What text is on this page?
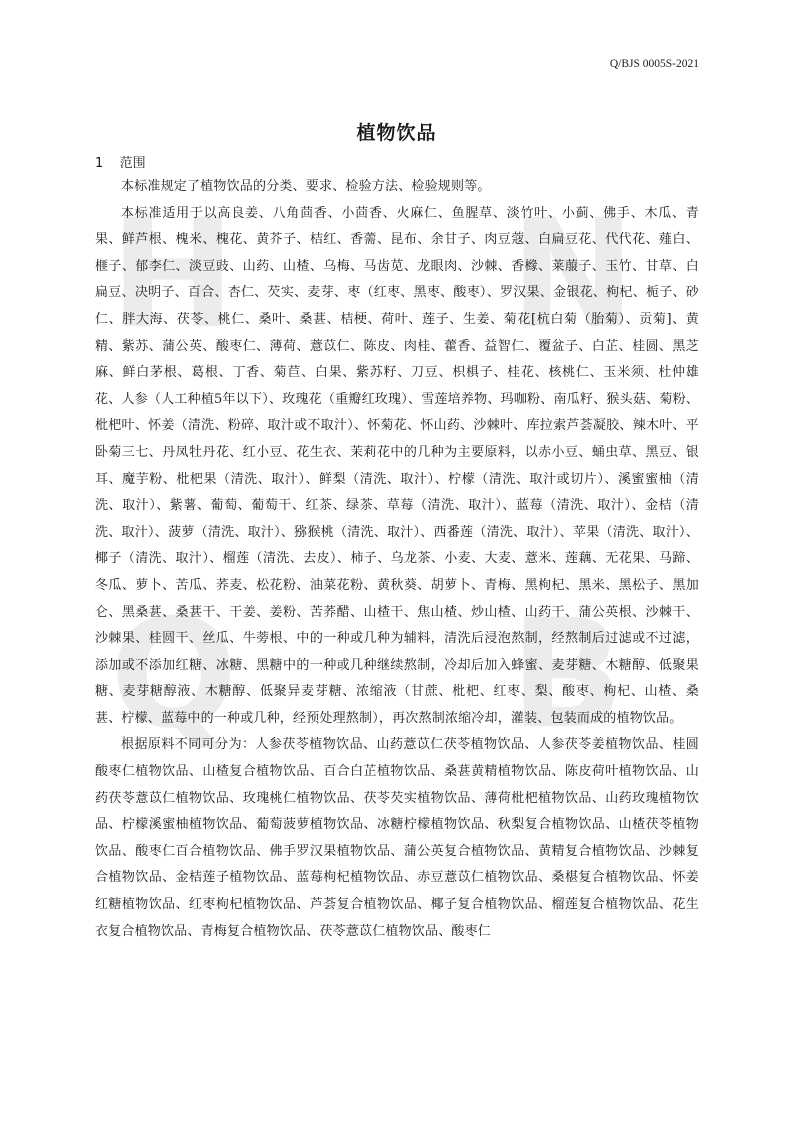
H N
Q B
Q/BJS 0005S-2021
植物饮品
1 范围

本标准规定了植物饮品的分类、要求、检验方法、检验规则等。

本标准适用于以高良姜、八角茴香、小茴香、火麻仁、鱼腥草、淡竹叶、小蓟、佛手、木瓜、青果、鲜芦根、槐米、槐花、黄芥子、桔红、香薷、昆布、余甘子、肉豆蔻、白扁豆花、代代花、薤白、榧子、郁李仁、淡豆豉、山药、山楂、乌梅、马齿苋、龙眼肉、沙棘、香橼、莱菔子、玉竹、甘草、白扁豆、决明子、百合、杏仁、芡实、麦芽、枣（红枣、黑枣、酸枣）、罗汉果、金银花、枸杞、栀子、砂仁、胖大海、茯苓、桃仁、桑叶、桑葚、桔梗、荷叶、莲子、生姜、菊花[杭白菊（胎菊）、贡菊]、黄精、紫苏、蒲公英、酸枣仁、薄荷、薏苡仁、陈皮、肉桂、藿香、益智仁、覆盆子、白芷、桂圆、黑芝麻、鲜白茅根、葛根、丁香、菊苣、白果、紫苏籽、刀豆、枳椇子、桂花、核桃仁、玉米须、杜仲雄花、人参（人工种植5年以下）、玫瑰花（重瓣红玫瑰）、雪莲培养物、玛咖粉、南瓜籽、猴头菇、菊粉、枇杷叶、怀姜（清洗、粉碎、取汁或不取汁）、怀菊花、怀山药、沙棘叶、库拉索芦荟凝胶、辣木叶、平卧菊三七、丹凤牡丹花、红小豆、花生衣、茉莉花中的几种为主要原料，以赤小豆、蛹虫草、黑豆、银耳、魔芋粉、枇杷果（清洗、取汁）、鲜梨（清洗、取汁）、柠檬（清洗、取汁或切片）、溪蜜蜜柚（清洗、取汁）、紫薯、葡萄、葡萄干、红茶、绿茶、草莓（清洗、取汁）、蓝莓（清洗、取汁）、金桔（清洗、取汁）、菠萝（清洗、取汁）、猕猴桃（清洗、取汁）、西番莲（清洗、取汁）、苹果（清洗、取汁）、椰子（清洗、取汁）、榴莲（清洗、去皮）、柿子、乌龙茶、小麦、大麦、薏米、莲藕、无花果、马蹄、冬瓜、萝卜、苦瓜、荞麦、松花粉、油菜花粉、黄秋葵、胡萝卜、青梅、黑枸杞、黑米、黑松子、黑加仑、黑桑葚、桑葚干、干姜、姜粉、苦荞醋、山楂干、焦山楂、炒山楂、山药干、蒲公英根、沙棘干、沙棘果、桂圆干、丝瓜、牛蒡根、中的一种或几种为辅料，清洗后浸泡熬制，经熬制后过滤或不过滤，添加或不添加红糖、冰糖、黑糖中的一种或几种继续熬制，冷却后加入蜂蜜、麦芽糖、木糖醇、低聚果糖、麦芽糖醇液、木糖醇、低聚异麦芽糖、浓缩液（甘蔗、枇杷、红枣、梨、酸枣、枸杞、山楂、桑葚、柠檬、蓝莓中的一种或几种，经预处理熬制），再次熬制浓缩冷却，灌装、包装而成的植物饮品。

根据原料不同可分为：人参茯苓植物饮品、山药薏苡仁茯苓植物饮品、人参茯苓姜植物饮品、桂圆酸枣仁植物饮品、山楂复合植物饮品、百合白芷植物饮品、桑葚黄精植物饮品、陈皮荷叶植物饮品、山药茯苓薏苡仁植物饮品、玫瑰桃仁植物饮品、茯苓芡实植物饮品、薄荷枇杷植物饮品、山药玫瑰植物饮品、柠檬溪蜜柚植物饮品、葡萄菠萝植物饮品、冰糖柠檬植物饮品、秋梨复合植物饮品、山楂茯苓植物饮品、酸枣仁百合植物饮品、佛手罗汉果植物饮品、蒲公英复合植物饮品、黄精复合植物饮品、沙棘复合植物饮品、金桔莲子植物饮品、蓝莓枸杞植物饮品、赤豆薏苡仁植物饮品、桑椹复合植物饮品、怀姜红糖植物饮品、红枣枸杞植物饮品、芦荟复合植物饮品、椰子复合植物饮品、榴莲复合植物饮品、花生衣复合植物饮品、青梅复合植物饮品、茯苓薏苡仁植物饮品、酸枣仁
